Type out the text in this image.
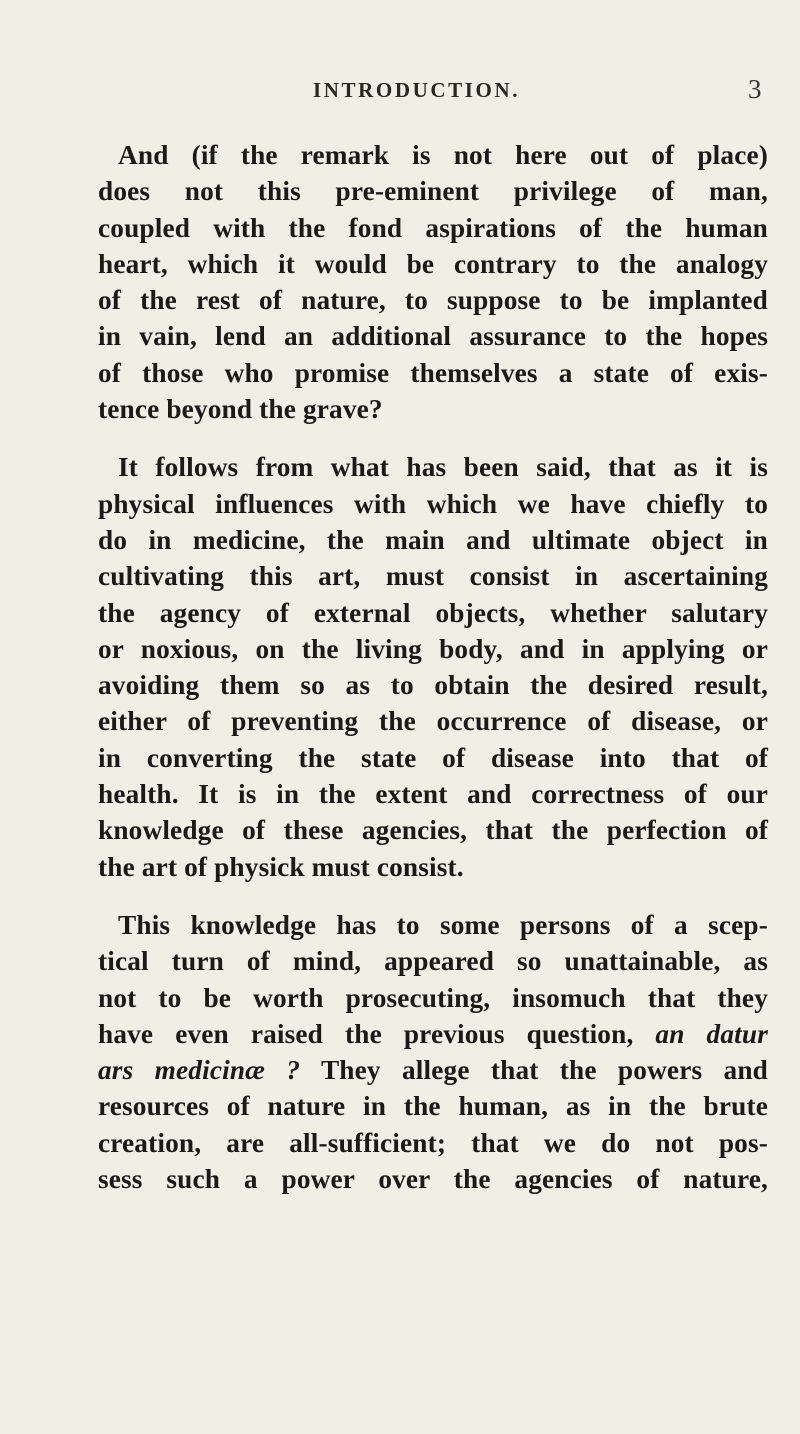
INTRODUCTION.	3

And (if the remark is not here out of place)
does not this pre-eminent privilege of man,
coupled with the fond aspirations of the human
heart, which it would be contrary to the analogy
of the rest of nature, to suppose to be implanted
in vain, lend an additional assurance to the hopes
of those who promise themselves a state of exis-
tence beyond the grave?

It follows from what has been said, that as it is
physical influences with which we have chiefly to
do in medicine, the main and ultimate object in
cultivating this art, must consist in ascertaining
the agency of external objects, whether salutary
or noxious, on the living body, and in applying or
avoiding them so as to obtain the desired result,
either of preventing the occurrence of disease, or
in converting the state of disease into that of
health. It is in the extent and correctness of our
knowledge of these agencies, that the perfection of
the art of physick must consist.

This knowledge has to some persons of a scep-
tical turn of mind, appeared so unattainable, as
not to be worth prosecuting, insomuch that they
have even raised the previous question, an datur
ars medicinæ ? They allege that the powers and
resources of nature in the human, as in the brute
creation, are all-sufficient; that we do not pos-
sess such a power over the agencies of nature,
